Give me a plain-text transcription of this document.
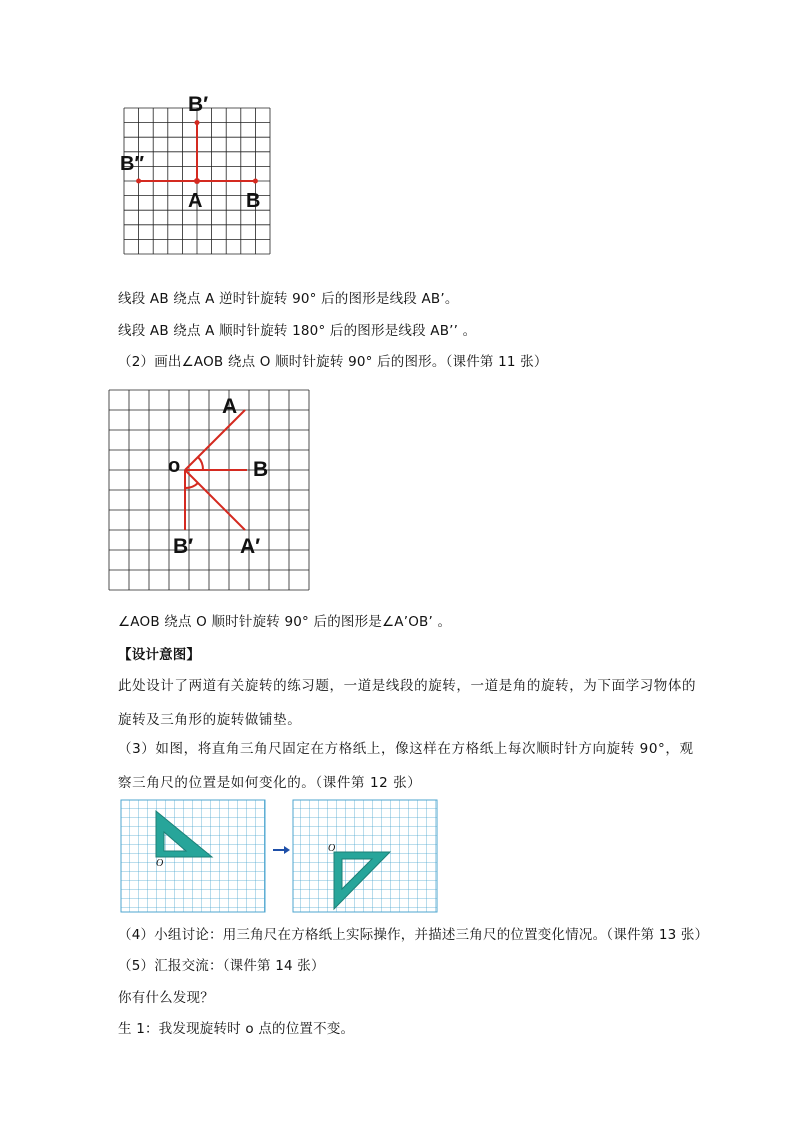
B′
B′′
A B
线段 AB 绕点 A 逆时针旋转 90° 后的图形是线段 AB’。
线段 AB 绕点 A 顺时针旋转 180° 后的图形是线段 AB’’ 。
（2）画出∠AOB 绕点 O 顺时针旋转 90° 后的图形。（课件第 11 张）
A
o	B
B′ A′
∠AOB 绕点 O 顺时针旋转 90° 后的图形是∠A’OB’ 。
【设计意图】
此处设计了两道有关旋转的练习题，一道是线段的旋转，一道是角的旋转，为下面学习物体的旋转及三角形的旋转做铺垫。
（3）如图，将直角三角尺固定在方格纸上，像这样在方格纸上每次顺时针方向旋转 90°，观察三角尺的位置是如何变化的。（课件第 12 张）
O
O
（4）小组讨论：用三角尺在方格纸上实际操作，并描述三角尺的位置变化情况。（课件第 13 张）
（5）汇报交流：（课件第 14 张）
你有什么发现？
生 1：我发现旋转时 o 点的位置不变。
